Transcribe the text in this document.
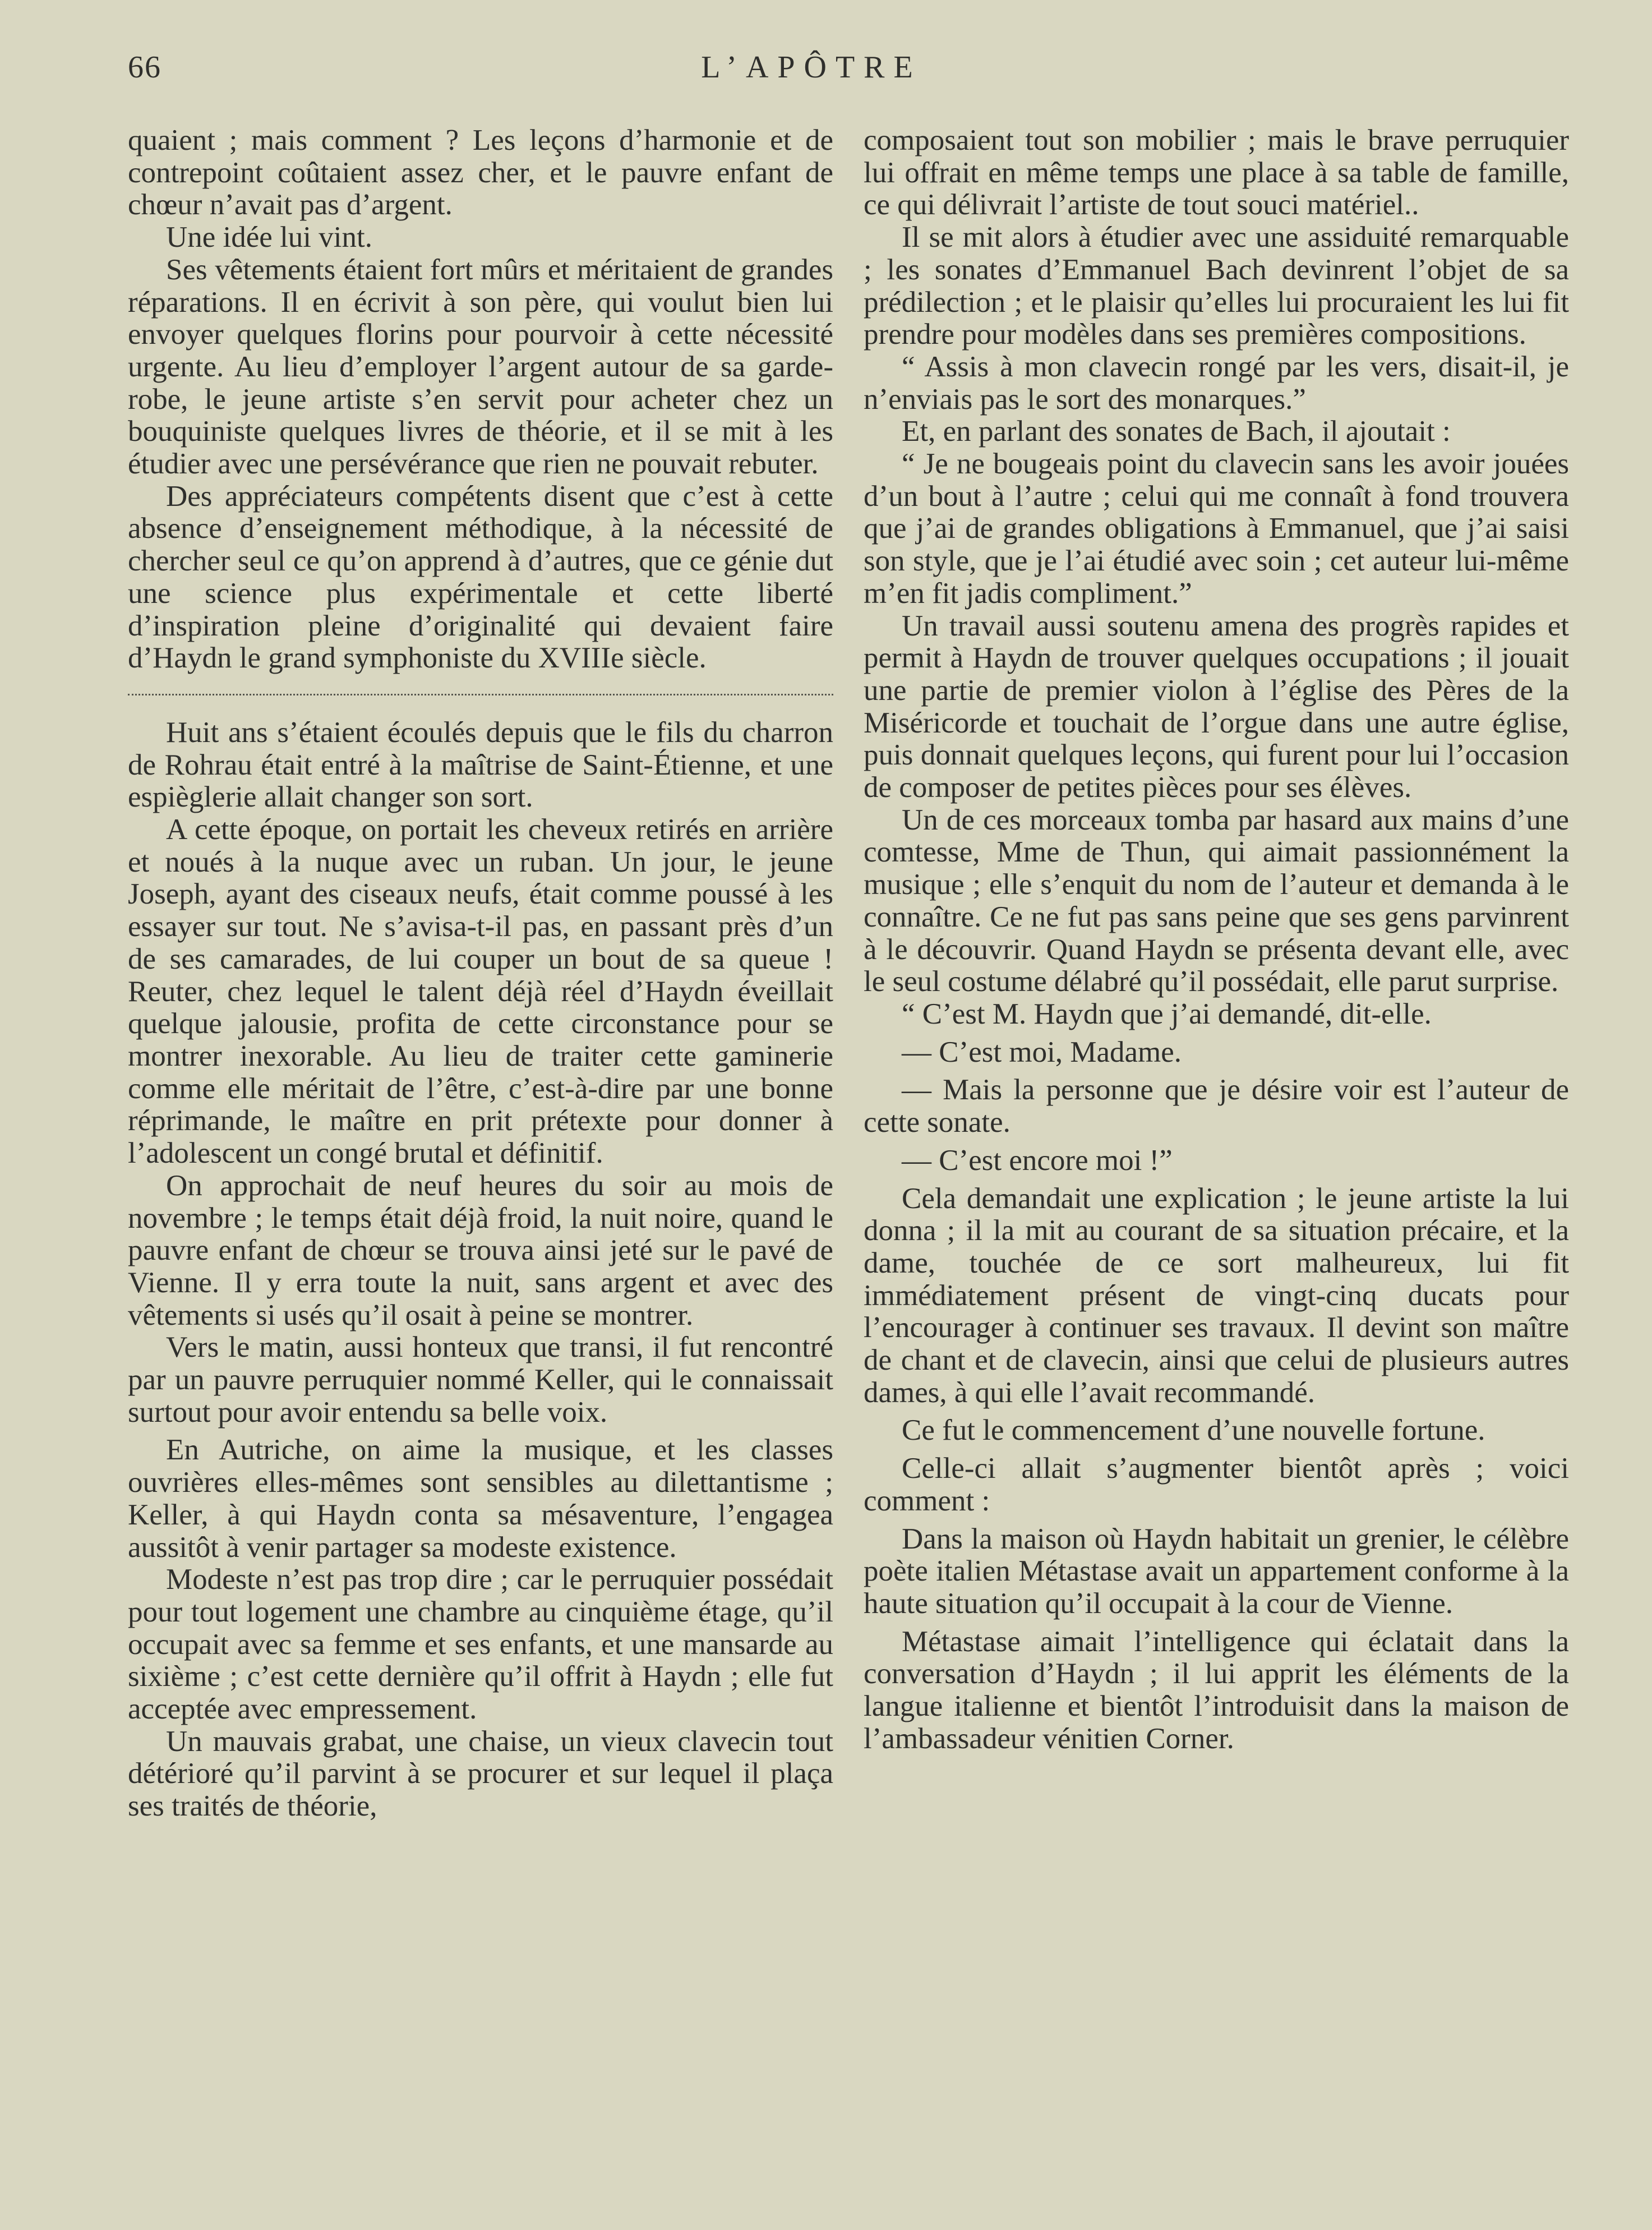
66	L’APÔTRE

quaient ; mais comment ? Les leçons d’harmonie et de contrepoint coûtaient assez cher, et le pauvre enfant de chœur n’avait pas d’argent.

Une idée lui vint.

Ses vêtements étaient fort mûrs et méritaient de grandes réparations. Il en écrivit à son père, qui voulut bien lui envoyer quelques florins pour pourvoir à cette nécessité urgente. Au lieu d’employer l’argent autour de sa garde-robe, le jeune artiste s’en servit pour acheter chez un bouquiniste quelques livres de théorie, et il se mit à les étudier avec une persévérance que rien ne pouvait rebuter.

Des appréciateurs compétents disent que c’est à cette absence d’enseignement méthodique, à la nécessité de chercher seul ce qu’on apprend à d’autres, que ce génie dut une science plus expérimentale et cette liberté d’inspiration pleine d’originalité qui devaient faire d’Haydn le grand symphoniste du XVIIIe siècle.

Huit ans s’étaient écoulés depuis que le fils du charron de Rohrau était entré à la maîtrise de Saint-Étienne, et une espièglerie allait changer son sort.

A cette époque, on portait les cheveux retirés en arrière et noués à la nuque avec un ruban. Un jour, le jeune Joseph, ayant des ciseaux neufs, était comme poussé à les essayer sur tout. Ne s’avisa-t-il pas, en passant près d’un de ses camarades, de lui couper un bout de sa queue ! Reuter, chez lequel le talent déjà réel d’Haydn éveillait quelque jalousie, profita de cette circonstance pour se montrer inexorable. Au lieu de traiter cette gaminerie comme elle méritait de l’être, c’est-à-dire par une bonne réprimande, le maître en prit prétexte pour donner à l’adolescent un congé brutal et définitif.

On approchait de neuf heures du soir au mois de novembre ; le temps était déjà froid, la nuit noire, quand le pauvre enfant de chœur se trouva ainsi jeté sur le pavé de Vienne. Il y erra toute la nuit, sans argent et avec des vêtements si usés qu’il osait à peine se montrer.

Vers le matin, aussi honteux que transi, il fut rencontré par un pauvre perruquier nommé Keller, qui le connaissait surtout pour avoir entendu sa belle voix.

En Autriche, on aime la musique, et les classes ouvrières elles-mêmes sont sensibles au dilettantisme ; Keller, à qui Haydn conta sa mésaventure, l’engagea aussitôt à venir partager sa modeste existence.

Modeste n’est pas trop dire ; car le perruquier possédait pour tout logement une chambre au cinquième étage, qu’il occupait avec sa femme et ses enfants, et une mansarde au sixième ; c’est cette dernière qu’il offrit à Haydn ; elle fut acceptée avec empressement.

Un mauvais grabat, une chaise, un vieux clavecin tout détérioré qu’il parvint à se procurer et sur lequel il plaça ses traités de théorie,

composaient tout son mobilier ; mais le brave perruquier lui offrait en même temps une place à sa table de famille, ce qui délivrait l’artiste de tout souci matériel..

Il se mit alors à étudier avec une assiduité remarquable ; les sonates d’Emmanuel Bach devinrent l’objet de sa prédilection ; et le plaisir qu’elles lui procuraient les lui fit prendre pour modèles dans ses premières compositions.

“ Assis à mon clavecin rongé par les vers, disait-il, je n’enviais pas le sort des monarques.”

Et, en parlant des sonates de Bach, il ajoutait :

“ Je ne bougeais point du clavecin sans les avoir jouées d’un bout à l’autre ; celui qui me connaît à fond trouvera que j’ai de grandes obligations à Emmanuel, que j’ai saisi son style, que je l’ai étudié avec soin ; cet auteur lui-même m’en fit jadis compliment.”

Un travail aussi soutenu amena des progrès rapides et permit à Haydn de trouver quelques occupations ; il jouait une partie de premier violon à l’église des Pères de la Miséricorde et touchait de l’orgue dans une autre église, puis donnait quelques leçons, qui furent pour lui l’occasion de composer de petites pièces pour ses élèves.

Un de ces morceaux tomba par hasard aux mains d’une comtesse, Mme de Thun, qui aimait passionnément la musique ; elle s’enquit du nom de l’auteur et demanda à le connaître. Ce ne fut pas sans peine que ses gens parvinrent à le découvrir. Quand Haydn se présenta devant elle, avec le seul costume délabré qu’il possédait, elle parut surprise.

“ C’est M. Haydn que j’ai demandé, dit-elle.

— C’est moi, Madame.

— Mais la personne que je désire voir est l’auteur de cette sonate.

— C’est encore moi !”

Cela demandait une explication ; le jeune artiste la lui donna ; il la mit au courant de sa situation précaire, et la dame, touchée de ce sort malheureux, lui fit immédiatement présent de vingt-cinq ducats pour l’encourager à continuer ses travaux. Il devint son maître de chant et de clavecin, ainsi que celui de plusieurs autres dames, à qui elle l’avait recommandé.

Ce fut le commencement d’une nouvelle fortune.

Celle-ci allait s’augmenter bientôt après ; voici comment :

Dans la maison où Haydn habitait un grenier, le célèbre poète italien Métastase avait un appartement conforme à la haute situation qu’il occupait à la cour de Vienne.

Métastase aimait l’intelligence qui éclatait dans la conversation d’Haydn ; il lui apprit les éléments de la langue italienne et bientôt l’introduisit dans la maison de l’ambassadeur vénitien Corner.
